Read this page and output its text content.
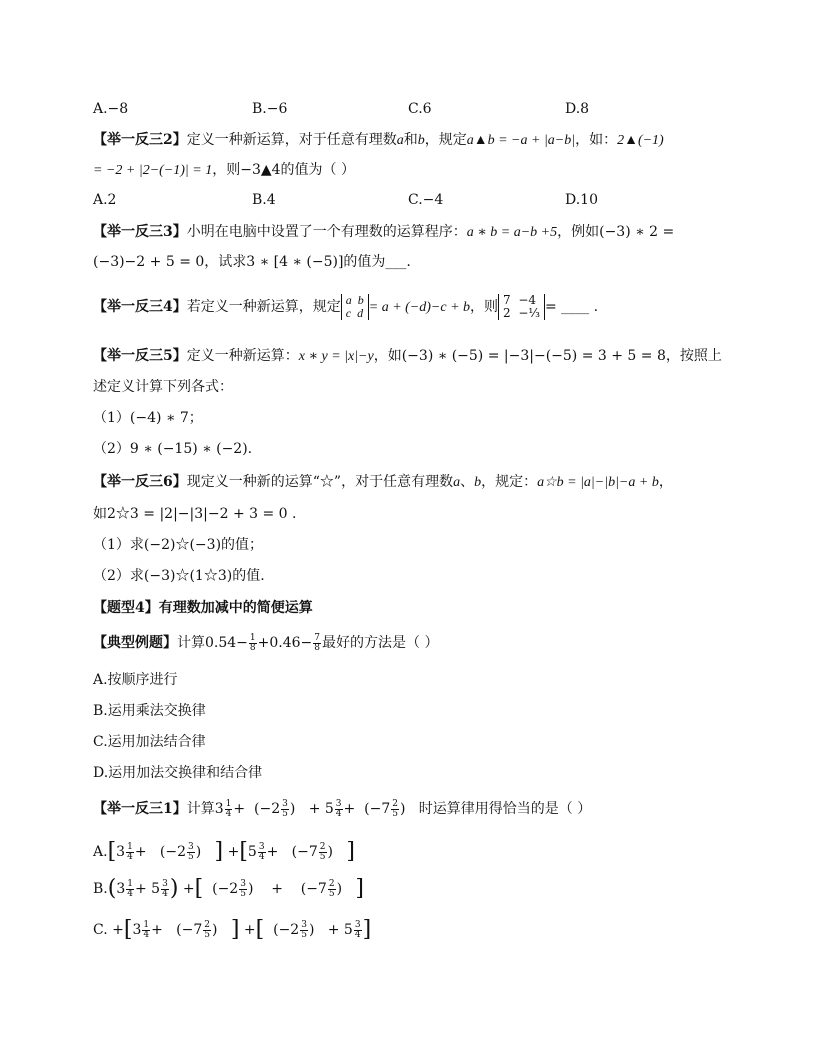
A.−8	B.−6	C.6	D.8
【举一反三2】定义一种新运算，对于任意有理数a和b，规定a▲b = −a + |a−b|，如：2▲(−1)
= −2 + |2−(−1)| = 1，则−3▲4的值为（ ）
A.2	B.4	C.−4	D.10
【举一反三3】小明在电脑中设置了一个有理数的运算程序：a ∗ b = a−b +5，例如(−3) ∗ 2 =
(−3)−2 + 5 = 0，试求3 ∗ [4 ∗ (−5)]的值为___.
【举一反三4】若定义一种新运算，规定 a b
c d = a + (−d)−c + b，则 7 −4
2 −⅓ = ____ .
【举一反三5】定义一种新运算：x ∗ y = |x|−y，如(−3) ∗ (−5) = |−3|−(−5) = 3 + 5 = 8，按照上
述定义计算下列各式：
（1）(−4) ∗ 7；
（2）9 ∗ (−15) ∗ (−2).
【举一反三6】现定义一种新的运算“☆”，对于任意有理数a、b，规定：a☆b = |a|−|b|−a + b，
如2☆3 = |2|−|3|−2 + 3 = 0 .
（1）求(−2)☆(−3)的值；
（2）求(−3)☆(1☆3)的值.
【题型4】有理数加减中的简便运算
【典型例题】计算$0.54- \frac{1}{8} +0.46- \frac{7}{8}$ 最好的方法是（ ）
A.按顺序进行
B.运用乘法交换律
C.运用加法结合律
D.运用加法交换律和结合律
【举一反三1】计算$3 \frac{1}{4} + (-2 \frac{3}{5}$ )   + $5 \frac{3}{4} + (-7 \frac{2}{5}$ )   时运算律用得恰当的是（ ）
$A.[3 \frac{1}{4} + (-2 \frac{3}{5}$ )   ] $+[5 \frac{3}{4} + (-7 \frac{2}{5}$ )   ]
$B.(3 \frac{1}{4} + 5 \frac{3}{4}$ ) +[  ($-2 \frac{3}{5}$ )    +    ($-7 \frac{2}{5}$ )   ]
C. $+[3 \frac{1}{4} + (-7 \frac{2}{5}$ )   ] +[  ($-2 \frac{3}{5}$ )   + $5 \frac{3}{4}$ ]
